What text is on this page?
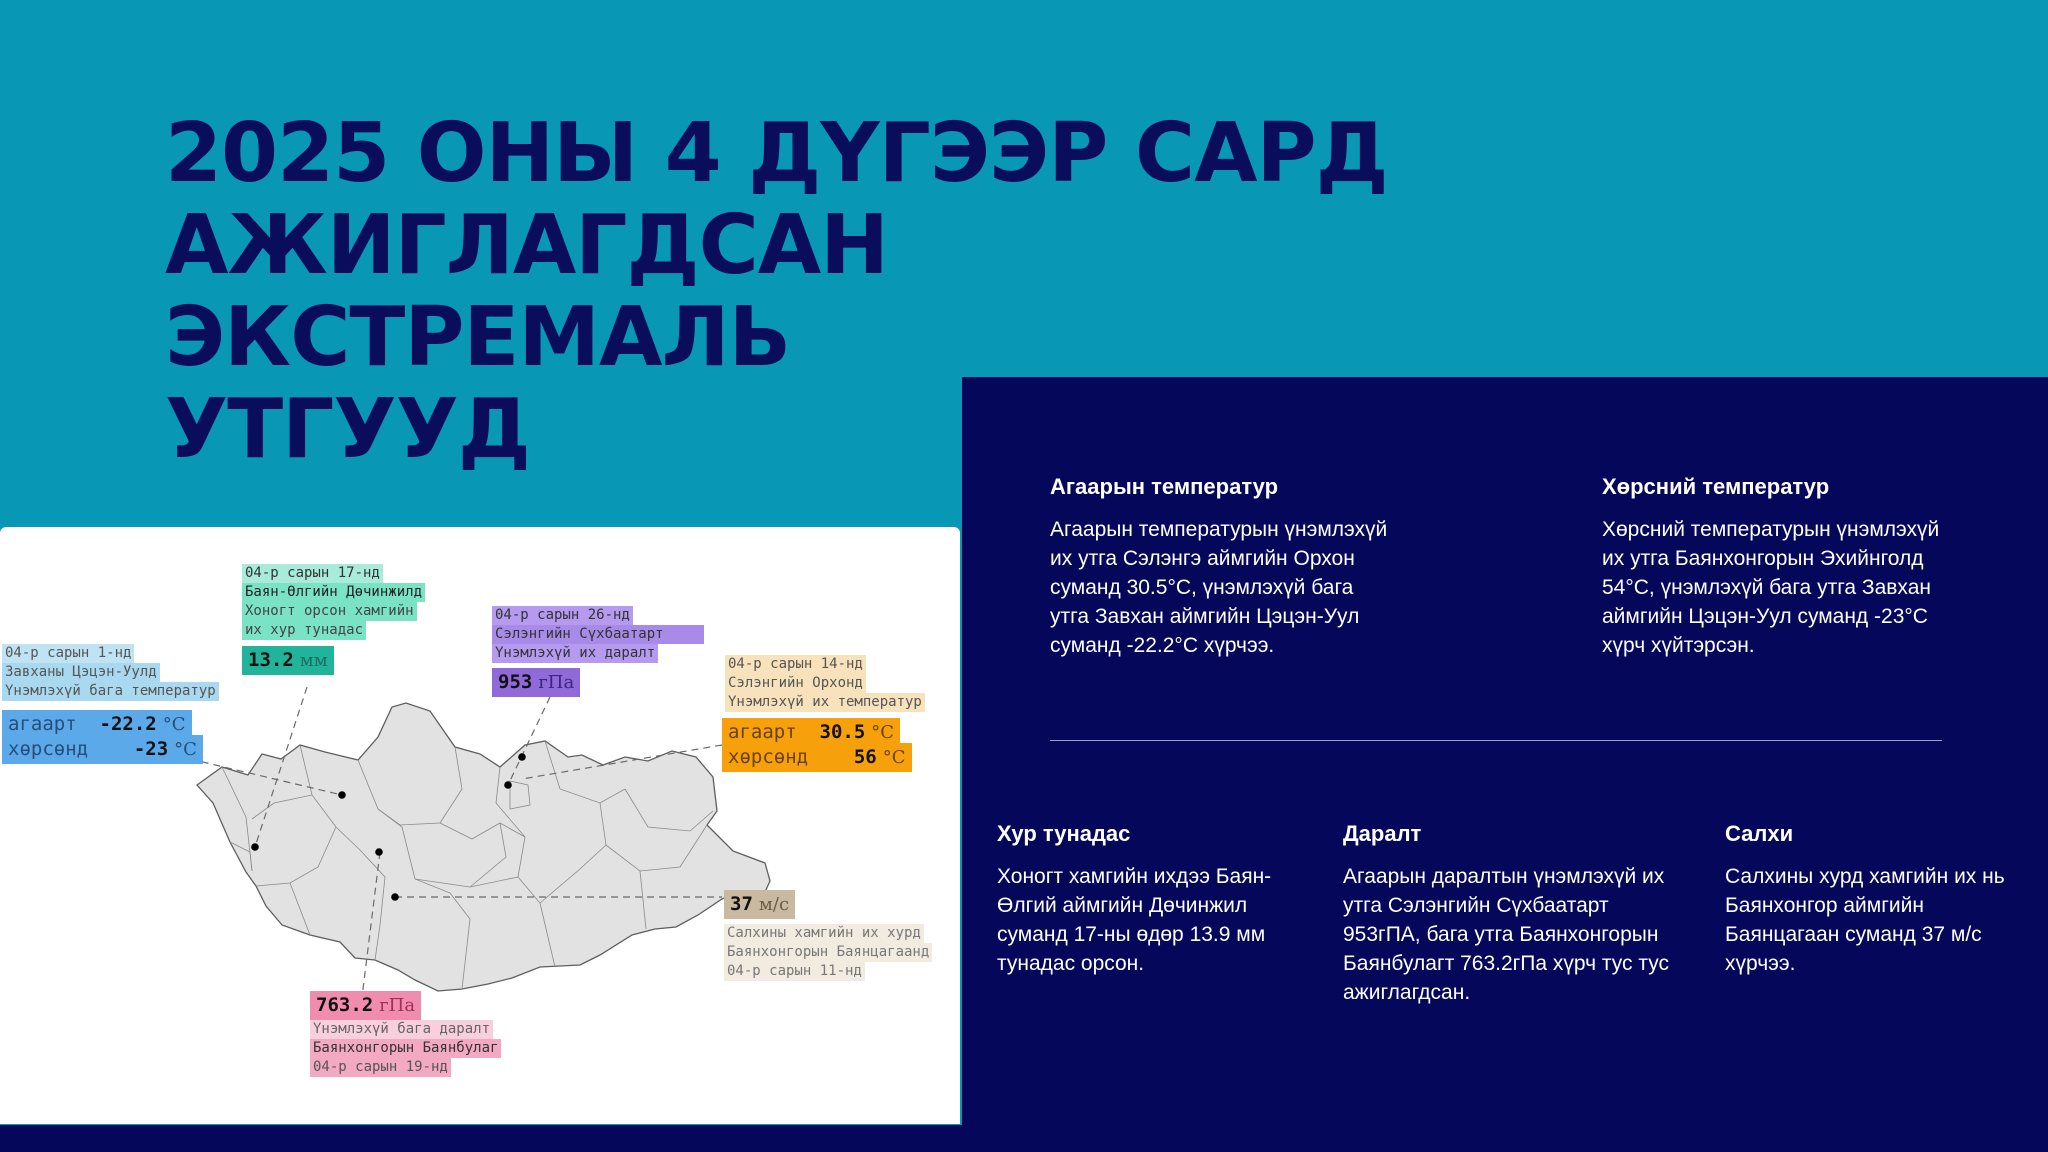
2025 ОНЫ 4 ДҮГЭЭР САРД
АЖИГЛАГДСАН ЭКСТРЕМАЛЬ
УТГУУД
Агаарын температур

Агаарын температурын үнэмлэхүй их утга Сэлэнгэ аймгийн Орхон суманд 30.5°С, үнэмлэхүй бага утга Завхан аймгийн Цэцэн-Уул суманд -22.2°С хүрчээ.

Хөрсний температур

Хөрсний температурын үнэмлэхүй их утга Баянхонгорын Эхийнголд 54°С, үнэмлэхүй бага утга Завхан аймгийн Цэцэн-Уул суманд -23°С хүрч хүйтэрсэн.

Хур тунадас

Хоногт хамгийн ихдээ Баян-Өлгий аймгийн Дөчинжил суманд 17-ны өдөр 13.9 мм тунадас орсон.

Даралт

Агаарын даралтын үнэмлэхүй их утга Сэлэнгийн Сүхбаатарт 953гПА, бага утга Баянхонгорын Баянбулагт 763.2гПа хүрч тус тус ажиглагдсан.

Салхи

Салхины хурд хамгийн их нь Баянхонгор аймгийн Баянцагаан суманд 37 м/с хүрчээ.

04-р сарын 17-нд
Баян-Өлгийн Дөчинжилд
Хоногт орсон хамгийн
их хур тунадас
13.2 мм
04-р сарын 26-нд
Сэлэнгийн Сүхбаатарт
Үнэмлэхүй их даралт
953 гПа
04-р сарын 1-нд
Завханы Цэцэн-Уулд
Үнэмлэхүй бага температур
агаарт -22.2 °С
хөрсөнд -23 °С
04-р сарын 14-нд
Сэлэнгийн Орхонд
Үнэмлэхүй их температур
агаарт 30.5 °С
хөрсөнд 56 °С
37 м/с
Салхины хамгийн их хурд
Баянхонгорын Баянцагаанд
04-р сарын 11-нд
763.2 гПа
Үнэмлэхүй бага даралт
Баянхонгорын Баянбулаг
04-р сарын 19-нд
